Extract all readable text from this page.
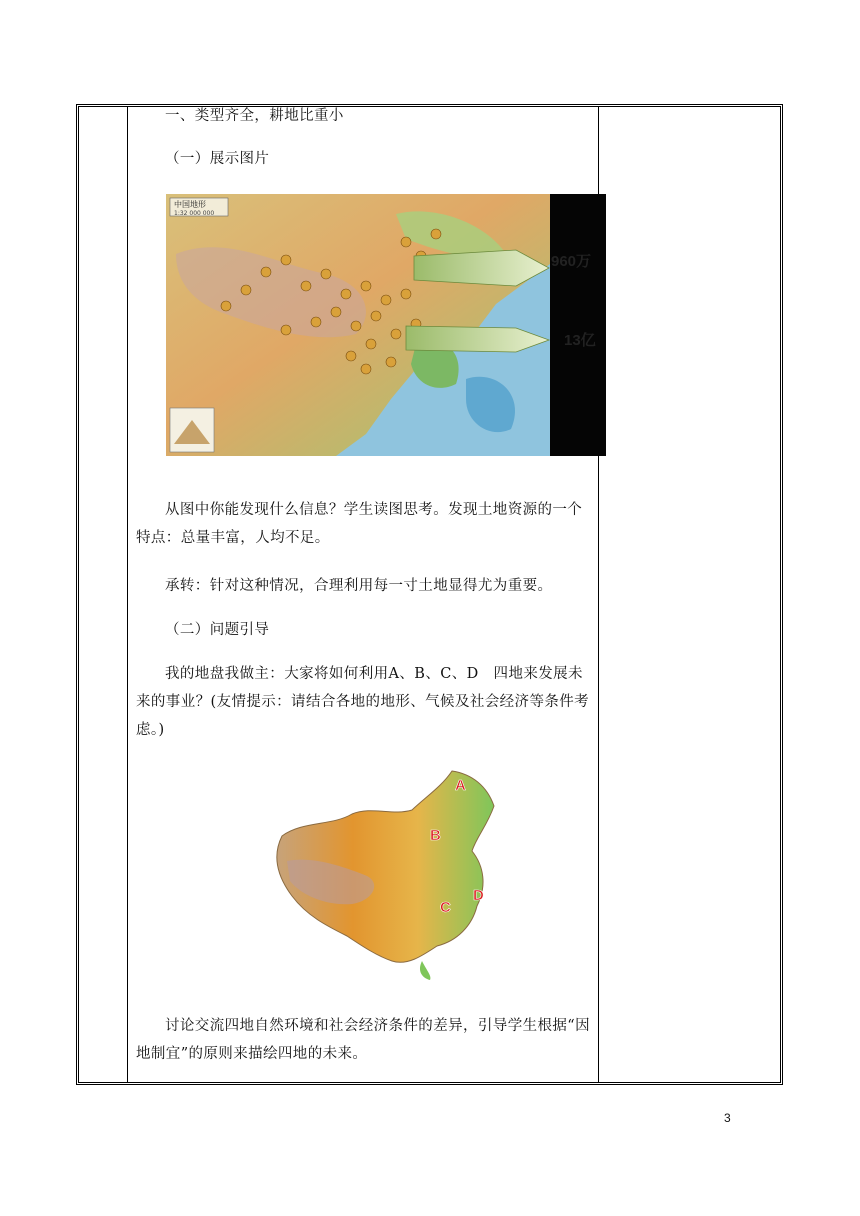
一、类型齐全，耕地比重小
（一）展示图片
中国地形
1:32 000 000
960万
13亿
从图中你能发现什么信息？学生读图思考。发现土地资源的一个特点：总量丰富，人均不足。
承转：针对这种情况，合理利用每一寸土地显得尤为重要。
（二）问题引导
我的地盘我做主：大家将如何利用A、B、C、D　四地来发展未来的事业？(友情提示：请结合各地的地形、气候及社会经济等条件考虑。)
A
B
C
D
讨论交流四地自然环境和社会经济条件的差异，引导学生根据“因地制宜”的原则来描绘四地的未来。
3
